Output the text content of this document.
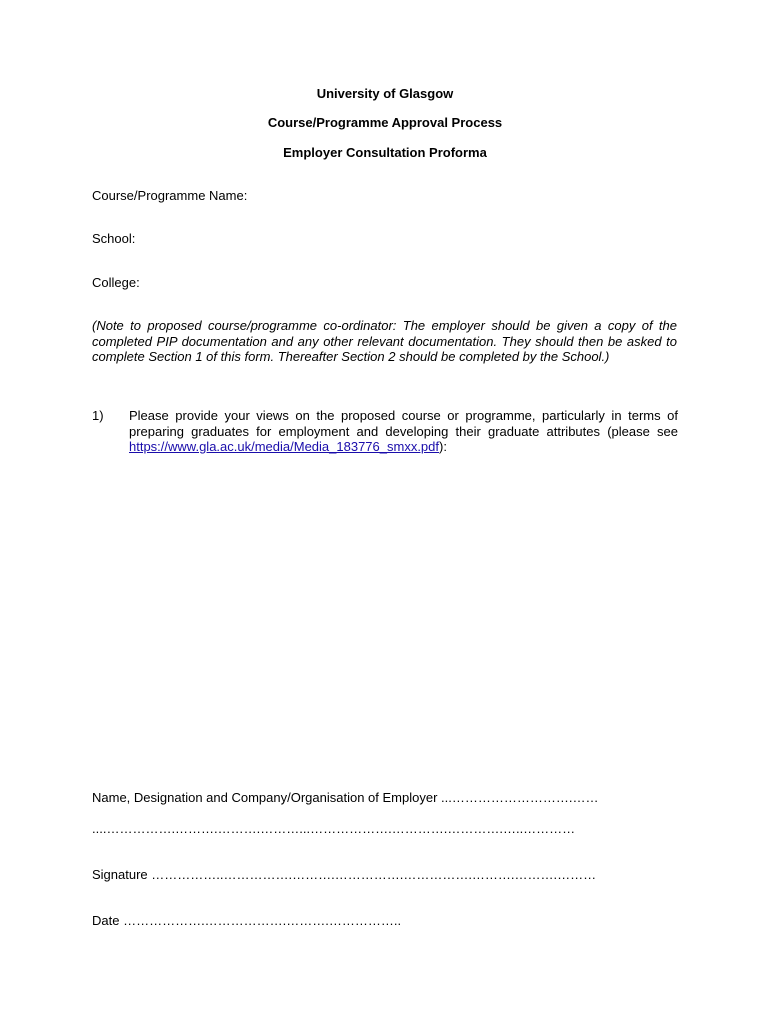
University of Glasgow
Course/Programme Approval Process
Employer Consultation Proforma
Course/Programme Name:
School:
College:
(Note to proposed course/programme co-ordinator: The employer should be given a copy of the completed PIP documentation and any other relevant documentation. They should then be asked to complete Section 1 of this form. Thereafter Section 2 should be completed by the School.)
1) Please provide your views on the proposed course or programme, particularly in terms of preparing graduates for employment and developing their graduate attributes (please see https://www.gla.ac.uk/media/Media_183776_smxx.pdf):
Name, Designation and Company/Organisation of Employer ...……………………….……
....…………….……….……….………...……………….………….………….…..…………
Signature ……………..…………….……….…………….…………….……….……….………
Date ……………….……………….……….……………..
